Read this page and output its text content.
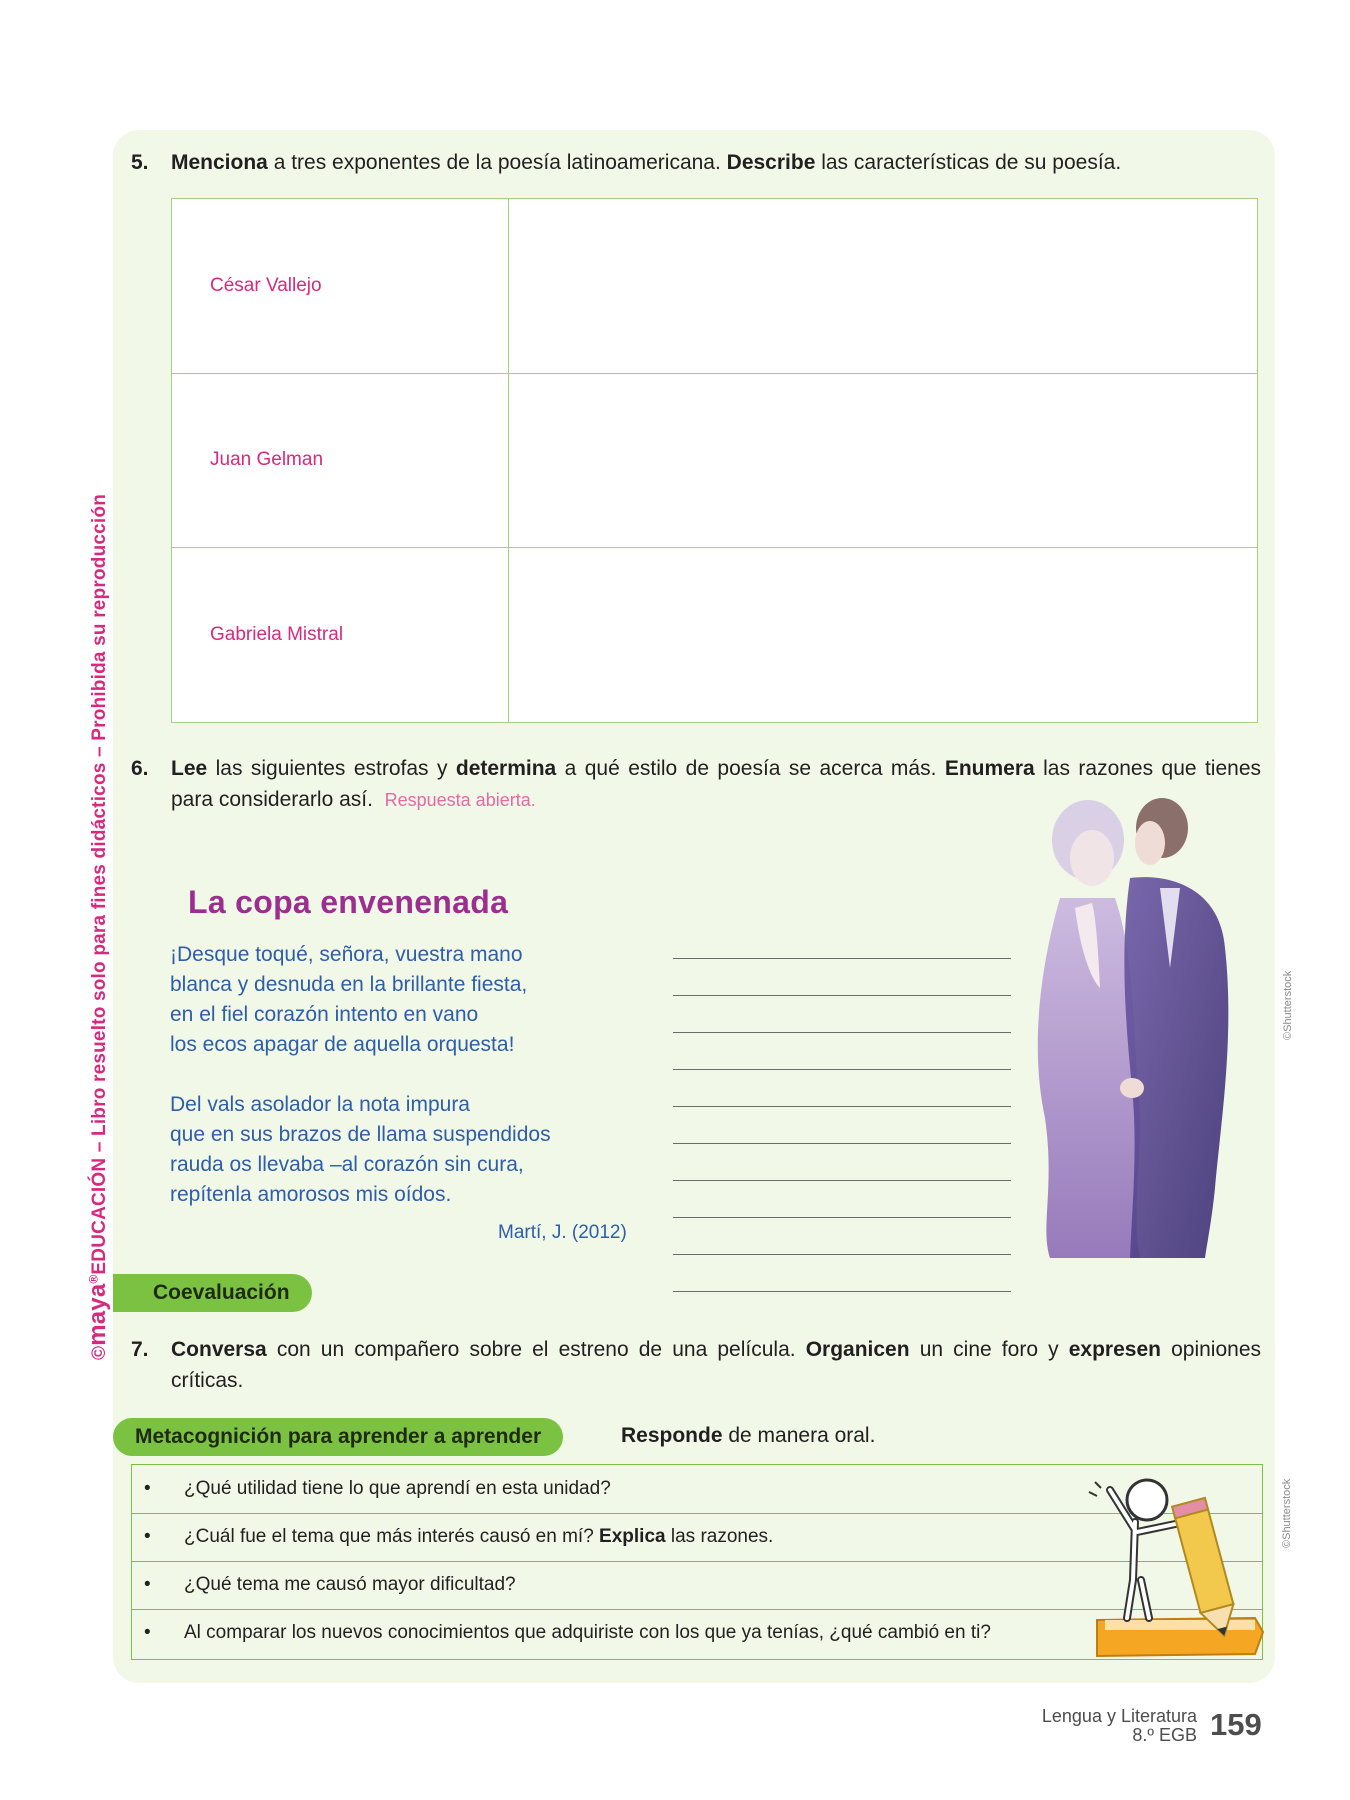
©maya®EDUCACIÓN – Libro resuelto solo para fines didácticos – Prohibida su reproducción
5. Menciona a tres exponentes de la poesía latinoamericana. Describe las características de su poesía.
César Vallejo	
Juan Gelman	
Gabriela Mistral	
6. Lee las siguientes estrofas y determina a qué estilo de poesía se acerca más. Enumera las razones que tienes para considerarlo así. Respuesta abierta.
La copa envenenada
¡Desque toqué, señora, vuestra mano
blanca y desnuda en la brillante fiesta,
en el fiel corazón intento en vano
los ecos apagar de aquella orquesta!
Del vals asolador la nota impura
que en sus brazos de llama suspendidos
rauda os llevaba –al corazón sin cura,
repítenla amorosos mis oídos.
Martí, J. (2012)
©Shutterstock
Coevaluación
7. Conversa con un compañero sobre el estreno de una película. Organicen un cine foro y expresen opiniones críticas.
Metacognición para aprender a aprender	Responde de manera oral.
• ¿Qué utilidad tiene lo que aprendí en esta unidad?
• ¿Cuál fue el tema que más interés causó en mí? Explica las razones.
• ¿Qué tema me causó mayor dificultad?
• Al comparar los nuevos conocimientos que adquiriste con los que ya tenías, ¿qué cambió en ti?
©Shutterstock
Lengua y Literatura
8.º EGB 159
